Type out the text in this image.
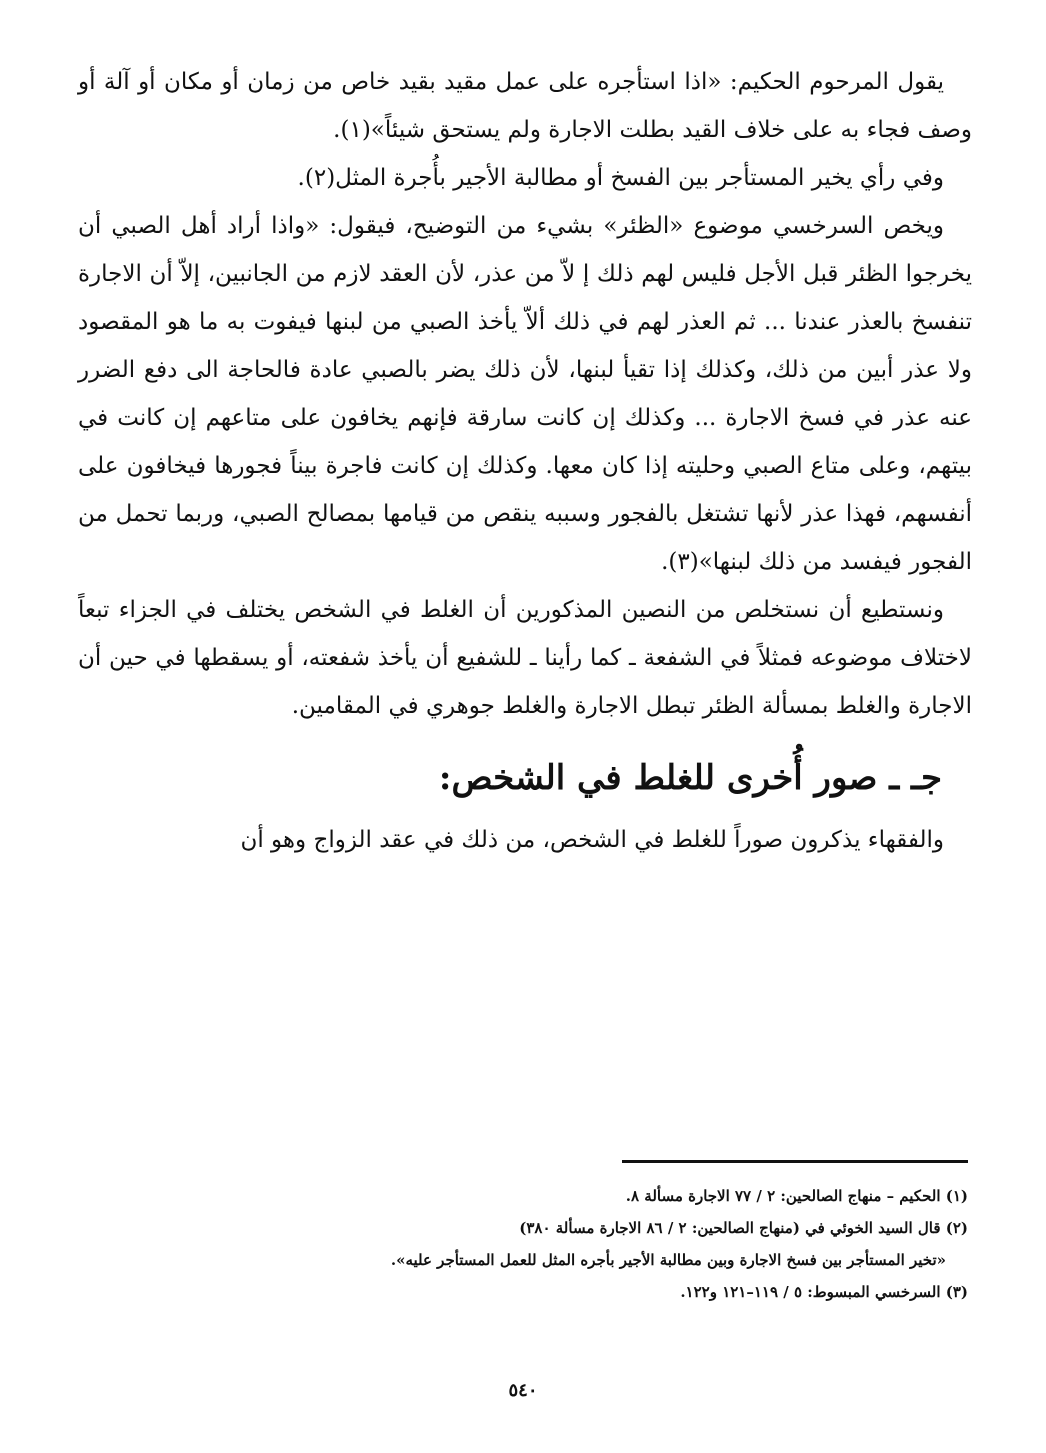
يقول المرحوم الحكيم: «اذا استأجره على عمل مقيد بقيد خاص من زمان أو مكان أو آلة أو وصف فجاء به على خلاف القيد بطلت الاجارة ولم يستحق شيئاً»(١).

وفي رأي يخير المستأجر بين الفسخ أو مطالبة الأجير بأُجرة المثل(٢).

ويخص السرخسي موضوع «الظئر» بشيء من التوضيح، فيقول: «واذا أراد أهل الصبي أن يخرجوا الظئر قبل الأجل فليس لهم ذلك إ لاّ من عذر، لأن العقد لازم من الجانبين، إلاّ أن الاجارة تنفسخ بالعذر عندنا ... ثم العذر لهم في ذلك ألاّ يأخذ الصبي من لبنها فيفوت به ما هو المقصود ولا عذر أبين من ذلك، وكذلك إذا تقيأ لبنها، لأن ذلك يضر بالصبي عادة فالحاجة الى دفع الضرر عنه عذر في فسخ الاجارة ... وكذلك إن كانت سارقة فإنهم يخافون على متاعهم إن كانت في بيتهم، وعلى متاع الصبي وحليته إذا كان معها. وكذلك إن كانت فاجرة بيناً فجورها فيخافون على أنفسهم، فهذا عذر لأنها تشتغل بالفجور وسببه ينقص من قيامها بمصالح الصبي، وربما تحمل من الفجور فيفسد من ذلك لبنها»(٣).

ونستطيع أن نستخلص من النصين المذكورين أن الغلط في الشخص يختلف في الجزاء تبعاً لاختلاف موضوعه فمثلاً في الشفعة ـ كما رأينا ـ للشفيع أن يأخذ شفعته، أو يسقطها في حين أن الاجارة والغلط بمسألة الظئر تبطل الاجارة والغلط جوهري في المقامين.

جـ ـ صور أُخرى للغلط في الشخص:

والفقهاء يذكرون صوراً للغلط في الشخص، من ذلك في عقد الزواج وهو أن

(١) الحكيم – منهاج الصالحين: ٢ / ٧٧ الاجارة مسألة ٨.

(٢) قال السيد الخوئي في (منهاج الصالحين: ٢ / ٨٦ الاجارة مسألة ٣٨٠)

«تخير المستأجر بين فسخ الاجارة وبين مطالبة الأجير بأجره المثل للعمل المستأجر عليه».

(٣) السرخسي المبسوط: ٥ / ١١٩–١٢١ و١٢٢.

٥٤٠
